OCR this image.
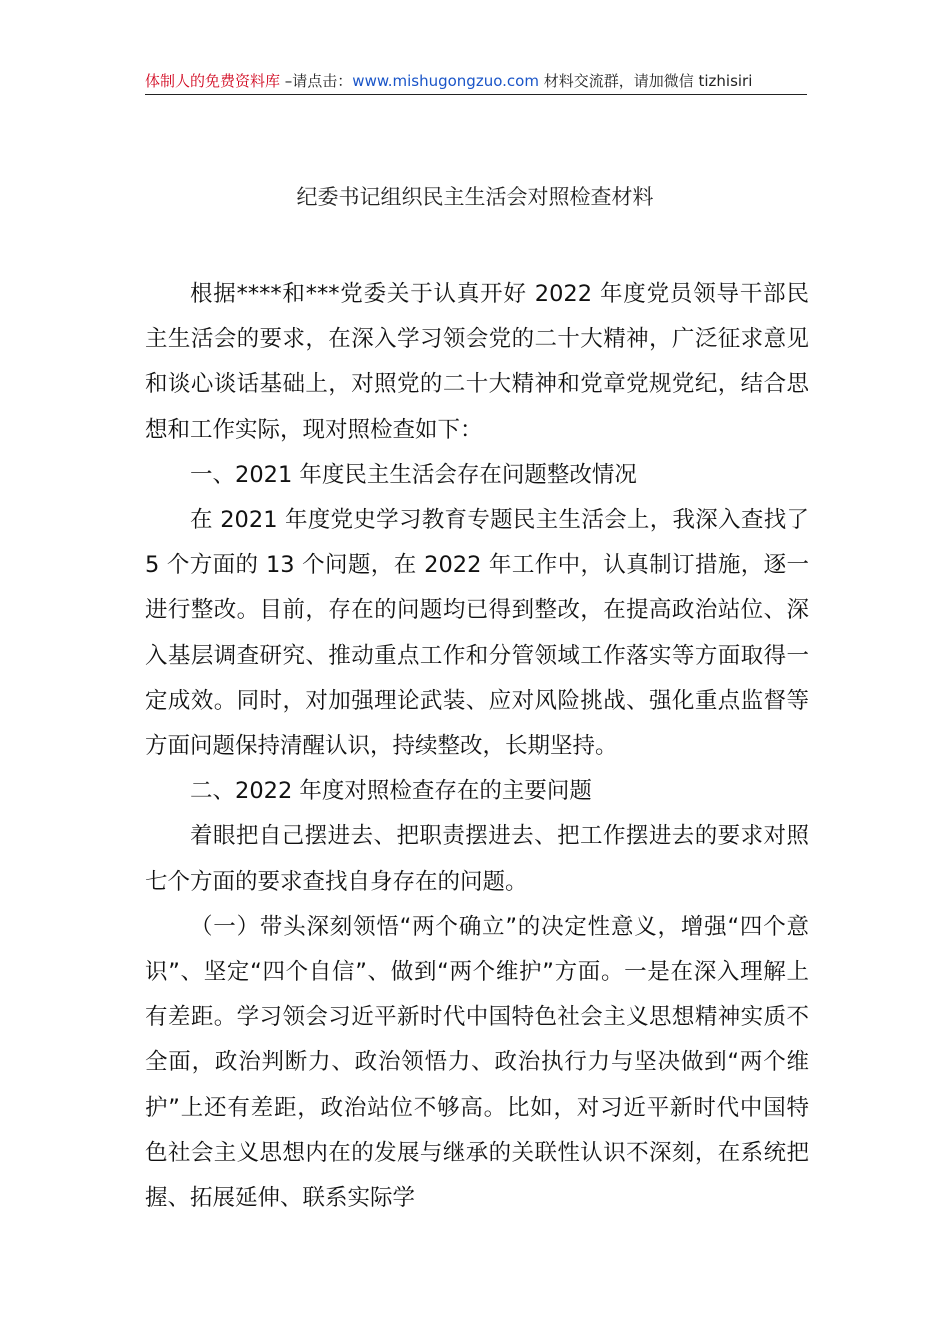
体制人的免费资料库 –请点击：www.mishugongzuo.com 材料交流群，请加微信 tizhisiri
纪委书记组织民主生活会对照检查材料

根据****和***党委关于认真开好 2022 年度党员领导干部民主生活会的要求，在深入学习领会党的二十大精神，广泛征求意见和谈心谈话基础上，对照党的二十大精神和党章党规党纪，结合思想和工作实际，现对照检查如下：

一、2021 年度民主生活会存在问题整改情况

在 2021 年度党史学习教育专题民主生活会上，我深入查找了 5 个方面的 13 个问题，在 2022 年工作中，认真制订措施，逐一进行整改。目前，存在的问题均已得到整改，在提高政治站位、深入基层调查研究、推动重点工作和分管领域工作落实等方面取得一定成效。同时，对加强理论武装、应对风险挑战、强化重点监督等方面问题保持清醒认识，持续整改，长期坚持。

二、2022 年度对照检查存在的主要问题

着眼把自己摆进去、把职责摆进去、把工作摆进去的要求对照七个方面的要求查找自身存在的问题。

（一）带头深刻领悟“两个确立”的决定性意义，增强“四个意识”、坚定“四个自信”、做到“两个维护”方面。一是在深入理解上有差距。学习领会习近平新时代中国特色社会主义思想精神实质不全面，政治判断力、政治领悟力、政治执行力与坚决做到“两个维护”上还有差距，政治站位不够高。比如，对习近平新时代中国特色社会主义思想内在的发展与继承的关联性认识不深刻，在系统把握、拓展延伸、联系实际学
